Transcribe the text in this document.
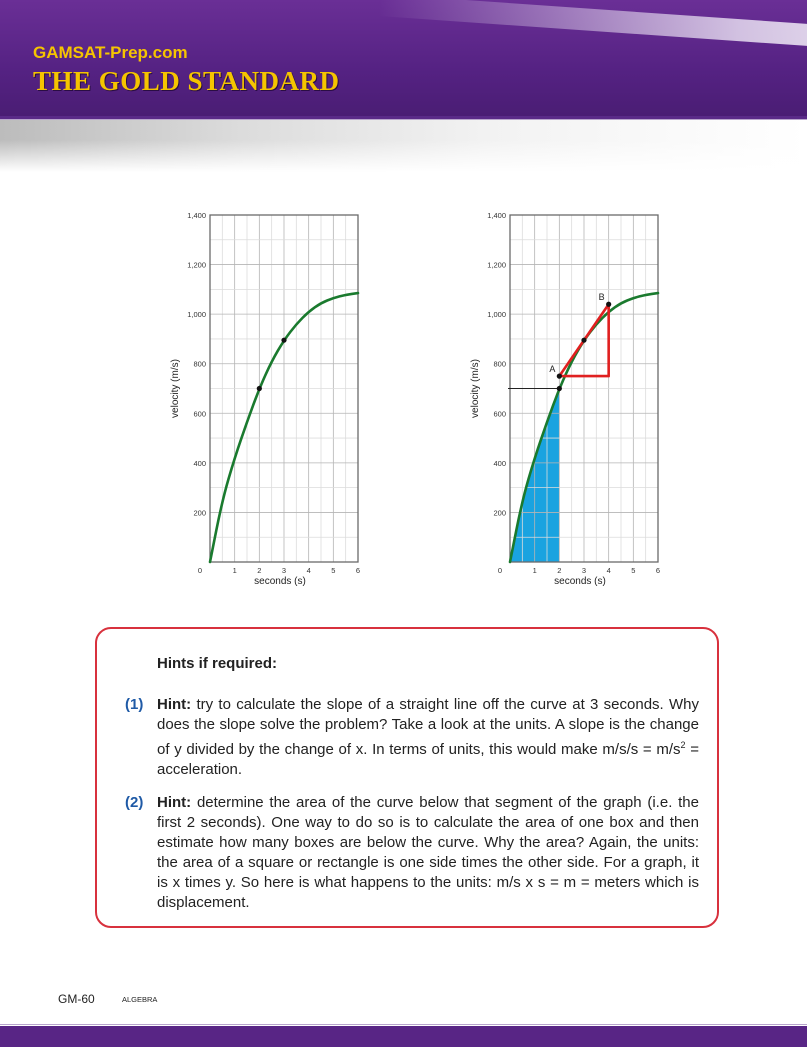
GAMSAT-Prep.com
THE GOLD STANDARD
1,400
1,200
1,000
800
600
400
200
0	1	2	3	4	5	6
seconds (s)
velocity (m/s)	A
B
1,400
1,200
1,000
800
600
400
200
0	1	2	3	4	5	6
seconds (s)
velocity (m/s)
Hints if required:
(1) Hint: try to calculate the slope of a straight line off the curve at 3 seconds. Why does the slope solve the problem? Take a look at the units. A slope is the change of y divided by the change of x. In terms of units, this would make $m/s/s = m/s^2$ = acceleration.
(2) Hint: determine the area of the curve below that segment of the graph (i.e. the first 2 seconds). One way to do so is to calculate the area of one box and then estimate how many boxes are below the curve. Why the area? Again, the units: the area of a square or rectangle is one side times the other side. For a graph, it is x times y. So here is what happens to the units: m/s x s = m = meters which is displacement.
GM-60	ALGEBRA
